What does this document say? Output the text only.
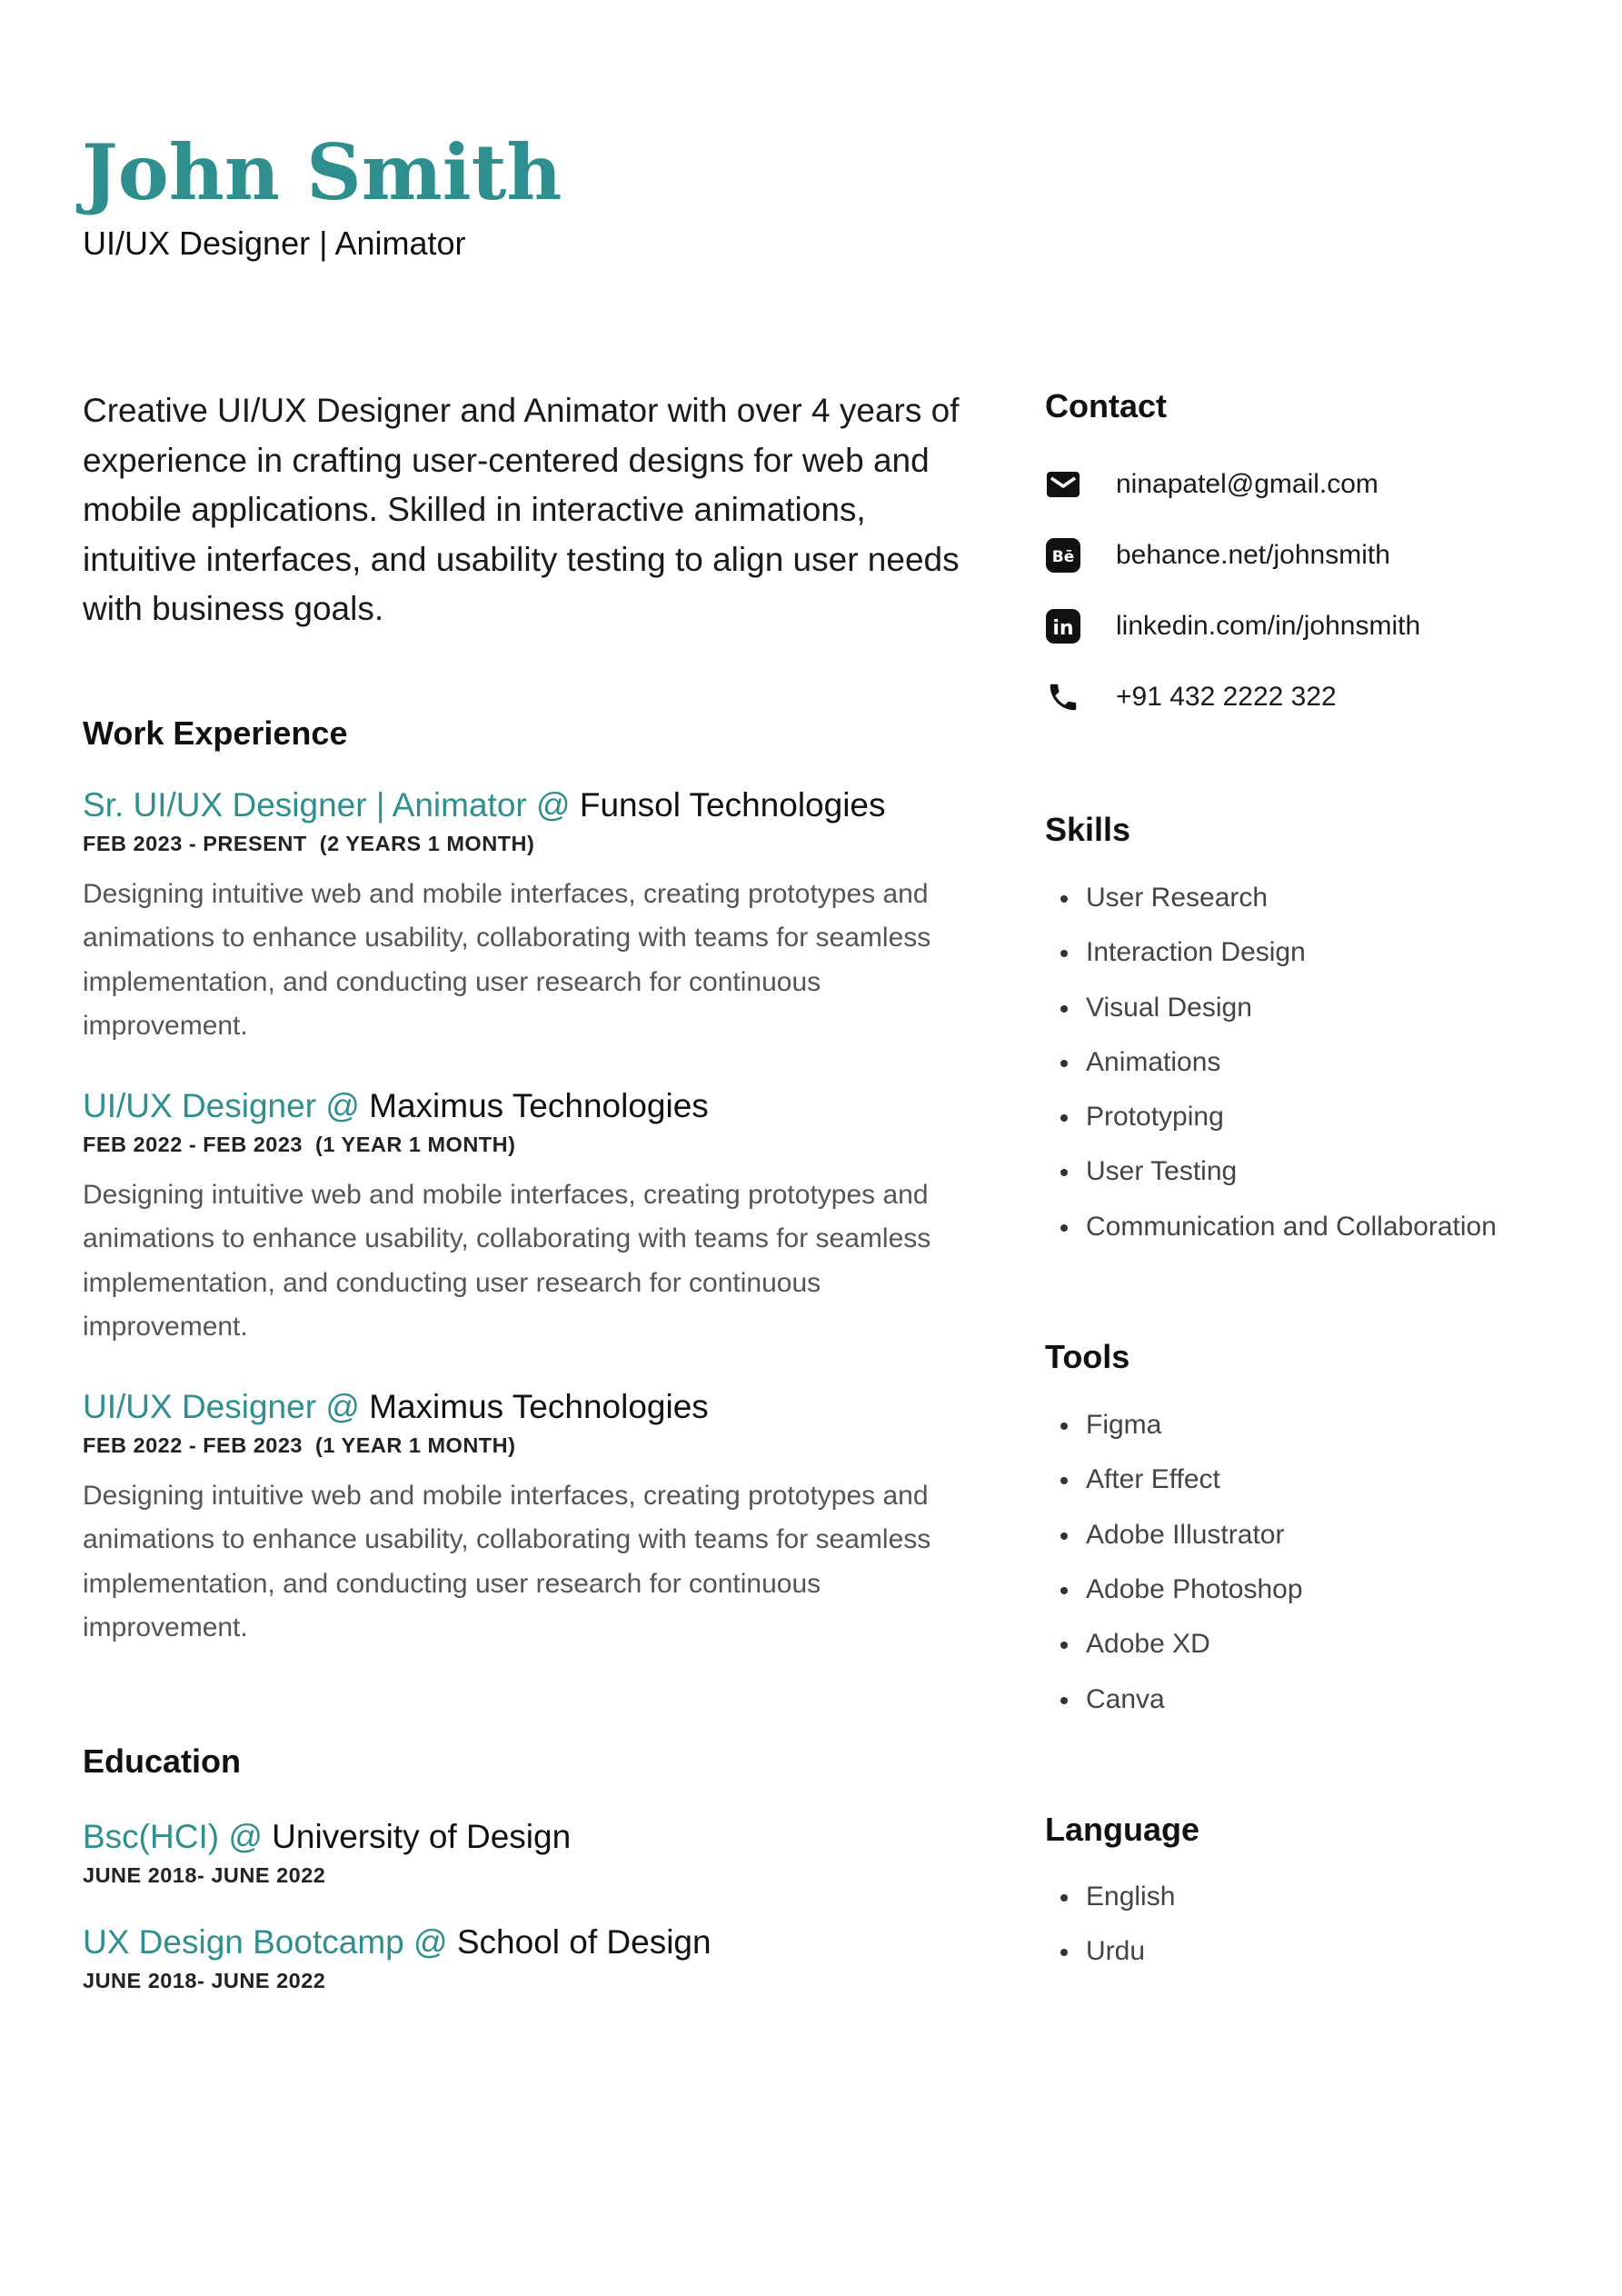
John Smith
UI/UX Designer | Animator

Creative UI/UX Designer and Animator with over 4 years of experience in crafting user-centered designs for web and mobile applications. Skilled in interactive animations, intuitive interfaces, and usability testing to align user needs with business goals.

Work Experience

Sr. UI/UX Designer | Animator @ Funsol Technologies

FEB 2023 - PRESENT  (2 YEARS 1 MONTH)

Designing intuitive web and mobile interfaces, creating prototypes and animations to enhance usability, collaborating with teams for seamless implementation, and conducting user research for continuous improvement.

UI/UX Designer @ Maximus Technologies

FEB 2022 - FEB 2023  (1 YEAR 1 MONTH)

Designing intuitive web and mobile interfaces, creating prototypes and animations to enhance usability, collaborating with teams for seamless implementation, and conducting user research for continuous improvement.

UI/UX Designer @ Maximus Technologies

FEB 2022 - FEB 2023  (1 YEAR 1 MONTH)

Designing intuitive web and mobile interfaces, creating prototypes and animations to enhance usability, collaborating with teams for seamless implementation, and conducting user research for continuous improvement.

Education

Bsc(HCI) @ University of Design

JUNE 2018- JUNE 2022

UX Design Bootcamp @ School of Design

JUNE 2018- JUNE 2022

Contact
ninapatel@gmail.com
Bē behance.net/johnsmith
in linkedin.com/in/johnsmith
+91 432 2222 322
Skills
User Research
Interaction Design
Visual Design
Animations
Prototyping
User Testing
Communication and Collaboration
Tools
Figma
After Effect
Adobe Illustrator
Adobe Photoshop
Adobe XD
Canva
Language
English
Urdu
